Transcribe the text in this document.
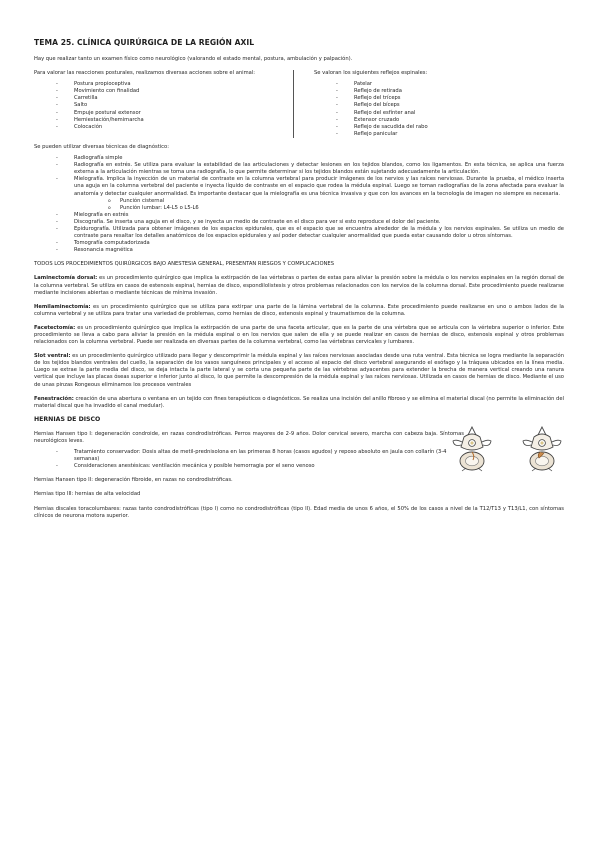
TEMA 25. CLÍNICA QUIRÚRGICA DE LA REGIÓN AXIL

Hay que realizar tanto un examen físico como neurológico (valorando el estado mental, postura, ambulación y palpación).

Para valorar las reacciones posturales, realizamos diversas acciones sobre el animal:

- Postura propioceptiva
- Movimiento con finalidad
- Carretilla
- Salto
- Empuje postural extensor
- Hemiestación/hemimarcha
- Colocación

Se valoran los siguientes reflejos espinales:

- Patelar
- Reflejo de retirada
- Reflejo del tríceps
- Reflejo del bíceps
- Reflejo del esfínter anal
- Extensor cruzado
- Reflejo de sacudida del rabo
- Reflejo panicular

Se pueden utilizar diversas técnicas de diagnóstico:

- Radiografía simple
- Radiografía en estrés. Se utiliza para evaluar la estabilidad de las articulaciones y detectar lesiones en los tejidos blandos, como los ligamentos. En esta técnica, se aplica una fuerza externa a la articulación mientras se toma una radiografía, lo que permite determinar si los tejidos blandos están sujetando adecuadamente la articulación.
- Mielografía. Implica la inyección de un material de contraste en la columna vertebral para producir imágenes de los nervios y las raíces nerviosas. Durante la prueba, el médico inserta una aguja en la columna vertebral del paciente e inyecta líquido de contraste en el espacio que rodea la médula espinal. Luego se toman radiografías de la zona afectada para evaluar la anatomía y detectar cualquier anormalidad. Es importante destacar que la mielografía es una técnica invasiva y que con los avances en la tecnología de imagen no siempre es necesaria.
o Punción cisternal
o Punción lumbar: L4-L5 o L5-L6
- Mielografía en estrés
- Discografía. Se inserta una aguja en el disco, y se inyecta un medio de contraste en el disco para ver si esto reproduce el dolor del paciente.
- Epidurografía. Utilizada para obtener imágenes de los espacios epidurales, que es el espacio que se encuentra alrededor de la médula y los nervios espinales. Se utiliza un medio de contraste para resaltar los detalles anatómicos de los espacios epidurales y así poder detectar cualquier anormalidad que pueda estar causando dolor u otros síntomas.
- Tomografía computadorizada
- Resonancia magnética

TODOS LOS PROCEDIMIENTOS QUIRÚRGICOS BAJO ANESTESIA GENERAL, PRESENTAN RIESGOS Y COMPLICACIONES

Laminectomía dorsal: es un procedimiento quirúrgico que implica la extirpación de las vértebras o partes de estas para aliviar la presión sobre la médula o los nervios espinales en la región dorsal de la columna vertebral. Se utiliza en casos de estenosis espinal, hernias de disco, espondilolistesis y otros problemas relacionados con los nervios de la columna dorsal. Este procedimiento puede realizarse mediante incisiones abiertas o mediante técnicas de mínima invasión.

Hemilaminectomía: es un procedimiento quirúrgico que se utiliza para extirpar una parte de la lámina vertebral de la columna. Este procedimiento puede realizarse en uno o ambos lados de la columna vertebral y se utiliza para tratar una variedad de problemas, como hernias de disco, estenosis espinal y traumatismos de la columna.

Facetectomía: es un procedimiento quirúrgico que implica la extirpación de una parte de una faceta articular, que es la parte de una vértebra que se articula con la vértebra superior o inferior. Este procedimiento se lleva a cabo para aliviar la presión en la médula espinal o en los nervios que salen de ella y se puede realizar en casos de hernias de disco, estenosis espinal y otros problemas relacionados con la columna vertebral. Puede ser realizada en diversas partes de la columna vertebral, como las vértebras cervicales y lumbares.

Slot ventral: es un procedimiento quirúrgico utilizado para llegar y descomprimir la médula espinal y las raíces nerviosas asociadas desde una ruta ventral. Esta técnica se logra mediante la separación de los tejidos blandos ventrales del cuello, la separación de los vasos sanguíneos principales y el acceso al espacio del disco vertebral asegurando el esófago y la tráquea ubicados en la línea media. Luego se extrae la parte media del disco, se deja intacta la parte lateral y se corta una pequeña parte de las vértebras adyacentes para extender la brecha de manera vertical creando una ranura vertical que incluye las placas óseas superior e inferior junto al disco, lo que permite la descompresión de la médula espinal y las raíces nerviosas. Utilizada en casos de hernias de disco. Mediante el uso de unas pinzas Rongeous eliminamos los procesos ventrales

Fenestración: creación de una abertura o ventana en un tejido con fines terapéuticos o diagnósticos. Se realiza una incisión del anillo fibroso y se elimina el material discal (no permite la eliminación del material discal que ha invadido el canal medular).

HERNIAS DE DISCO

Hernias Hansen tipo I: degeneración condroide, en razas condrodistróficas. Perros mayores de 2-9 años. Dolor cervical severo, marcha con cabeza baja. Síntomas neurológicos leves.

- Tratamiento conservador: Dosis altas de metil-prednisolona en las primeras 8 horas (casos agudos) y reposo absoluto en jaula con collarín (3-4 semanas)
- Consideraciones anestésicas: ventilación mecánica y posible hemorragia por el seno venoso

Hernias Hansen tipo II: degeneración fibroide, en razas no condrodistróficas.

Hernias tipo III: hernias de alta velocidad

Hernias discales toracolumbares: razas tanto condrodistróficas (tipo I) como no condrodistróficas (tipo II). Edad media de unos 6 años, el 50% de los casos a nivel de la T12/T13 y T13/L1, con síntomas clínicos de neurona motora superior.
